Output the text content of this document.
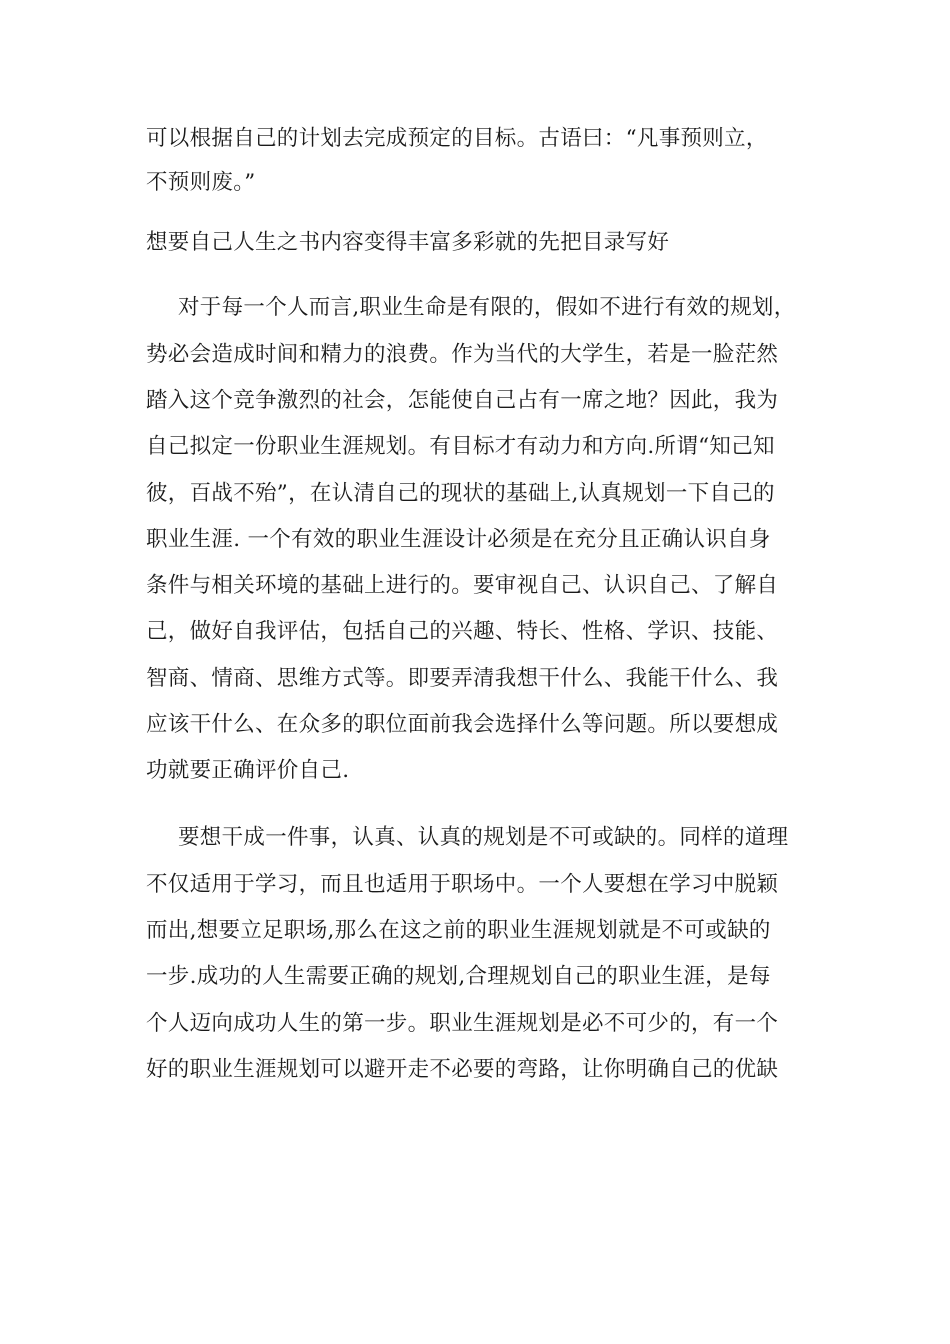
可以根据自己的计划去完成预定的目标。古语曰：“凡事预则立，
不预则废。”
想要自己人生之书内容变得丰富多彩就的先把目录写好
对于每一个人而言,职业生命是有限的，假如不进行有效的规划，
势必会造成时间和精力的浪费。作为当代的大学生，若是一脸茫然
踏入这个竞争激烈的社会，怎能使自己占有一席之地？因此，我为
自己拟定一份职业生涯规划。有目标才有动力和方向.所谓“知己知
彼，百战不殆”，在认清自己的现状的基础上,认真规划一下自己的
职业生涯. 一个有效的职业生涯设计必须是在充分且正确认识自身
条件与相关环境的基础上进行的。要审视自己、认识自己、了解自
己，做好自我评估，包括自己的兴趣、特长、性格、学识、技能、
智商、情商、思维方式等。即要弄清我想干什么、我能干什么、我
应该干什么、在众多的职位面前我会选择什么等问题。所以要想成
功就要正确评价自己.
要想干成一件事，认真、认真的规划是不可或缺的。同样的道理
不仅适用于学习，而且也适用于职场中。一个人要想在学习中脱颖
而出,想要立足职场,那么在这之前的职业生涯规划就是不可或缺的
一步.成功的人生需要正确的规划,合理规划自己的职业生涯，是每
个人迈向成功人生的第一步。职业生涯规划是必不可少的，有一个
好的职业生涯规划可以避开走不必要的弯路，让你明确自己的优缺
